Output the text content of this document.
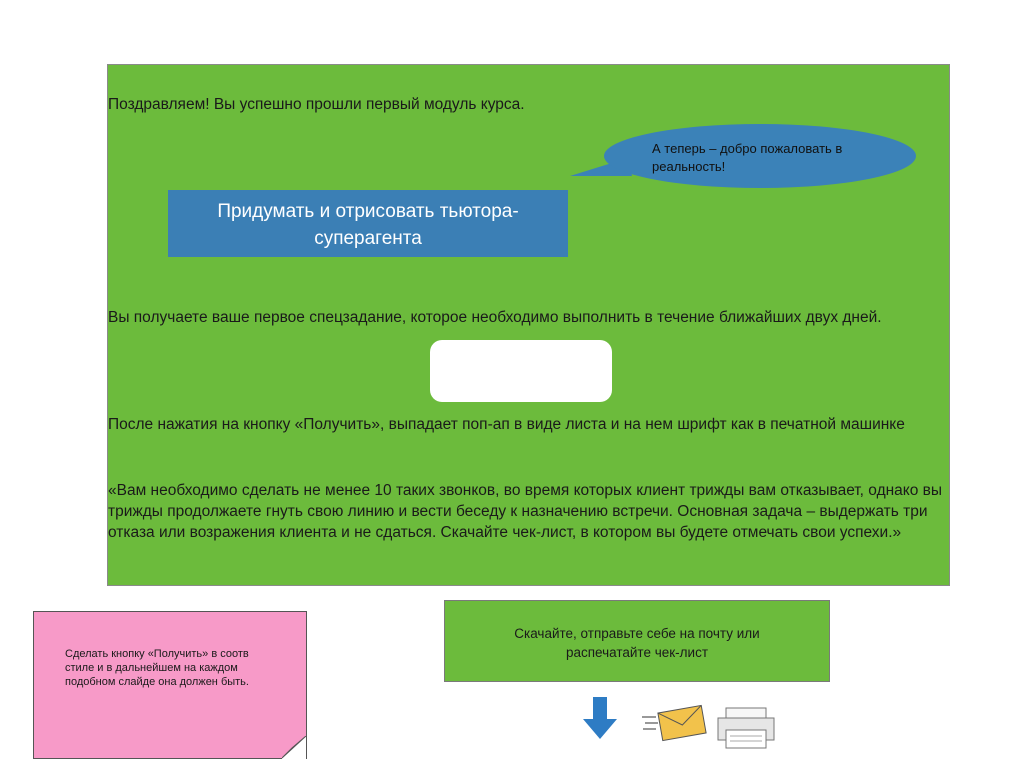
Поздравляем! Вы успешно прошли первый модуль курса.

А теперь – добро пожаловать в реальность!
Придумать и отрисовать тьютора-
суперагента

Вы получаете ваше первое спецзадание, которое необходимо выполнить в течение ближайших двух дней.

После нажатия на кнопку «Получить», выпадает поп-ап в виде листа и на нем шрифт как в печатной машинке

«Вам необходимо сделать не менее 10 таких звонков, во время которых клиент трижды вам отказывает, однако вы трижды продолжаете гнуть свою линию и вести беседу к назначению встречи. Основная задача – выдержать три отказа или возражения клиента и не сдаться. Скачайте чек-лист, в котором вы будете отмечать свои успехи.»

Сделать кнопку «Получить» в соотв стиле и в дальнейшем на каждом подобном слайде она должен быть.
Скачайте, отправьте себе на почту или распечатайте чек-лист
